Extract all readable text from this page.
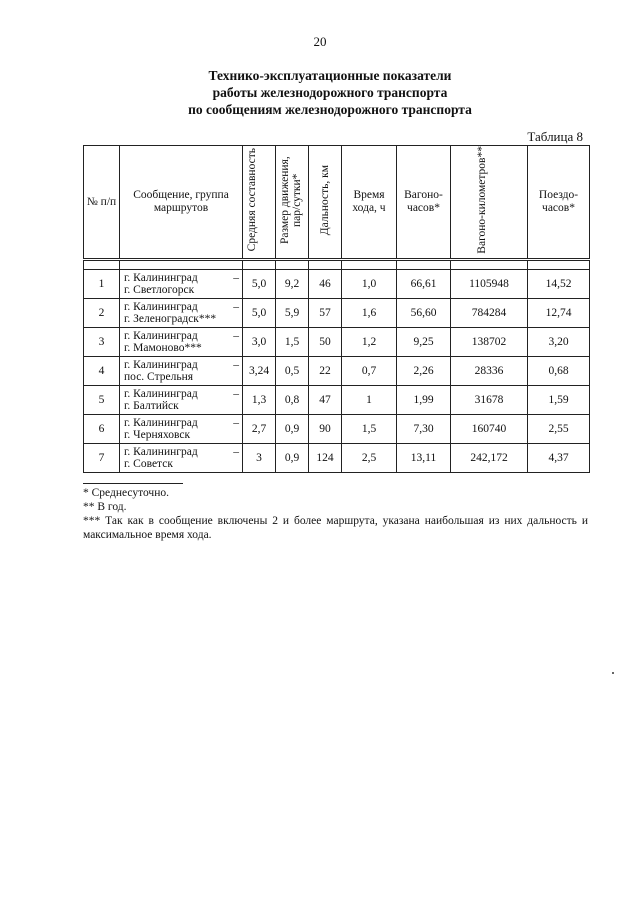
20
Технико-эксплуатационные показатели
работы железнодорожного транспорта
по сообщениям железнодорожного транспорта
Таблица 8
№ п/п	Сообщение, группа маршрутов	Средняя составность	Размер движения, пар/сутки*	Дальность, км	Время хода, ч	Вагоно-часов*	Вагоно-километров**	Поездо-часов*

1	г. Калининград –
г. Светлогорск	5,0	9,2	46	1,0	66,61	1105948	14,52
2	г. Калининград –
г. Зеленоградск***	5,0	5,9	57	1,6	56,60	784284	12,74
3	г. Калининград –
г. Мамоново***	3,0	1,5	50	1,2	9,25	138702	3,20
4	г. Калининград –
пос. Стрельня	3,24	0,5	22	0,7	2,26	28336	0,68
5	г. Калининград –
г. Балтийск	1,3	0,8	47	1	1,99	31678	1,59
6	г. Калининград –
г. Черняховск	2,7	0,9	90	1,5	7,30	160740	2,55
7	г. Калининград –
г. Советск	3	0,9	124	2,5	13,11	242,172	4,37
* Среднесуточно.
** В год.
*** Так как в сообщение включены 2 и более маршрута, указана наибольшая из них дальность и максимальное время хода.
